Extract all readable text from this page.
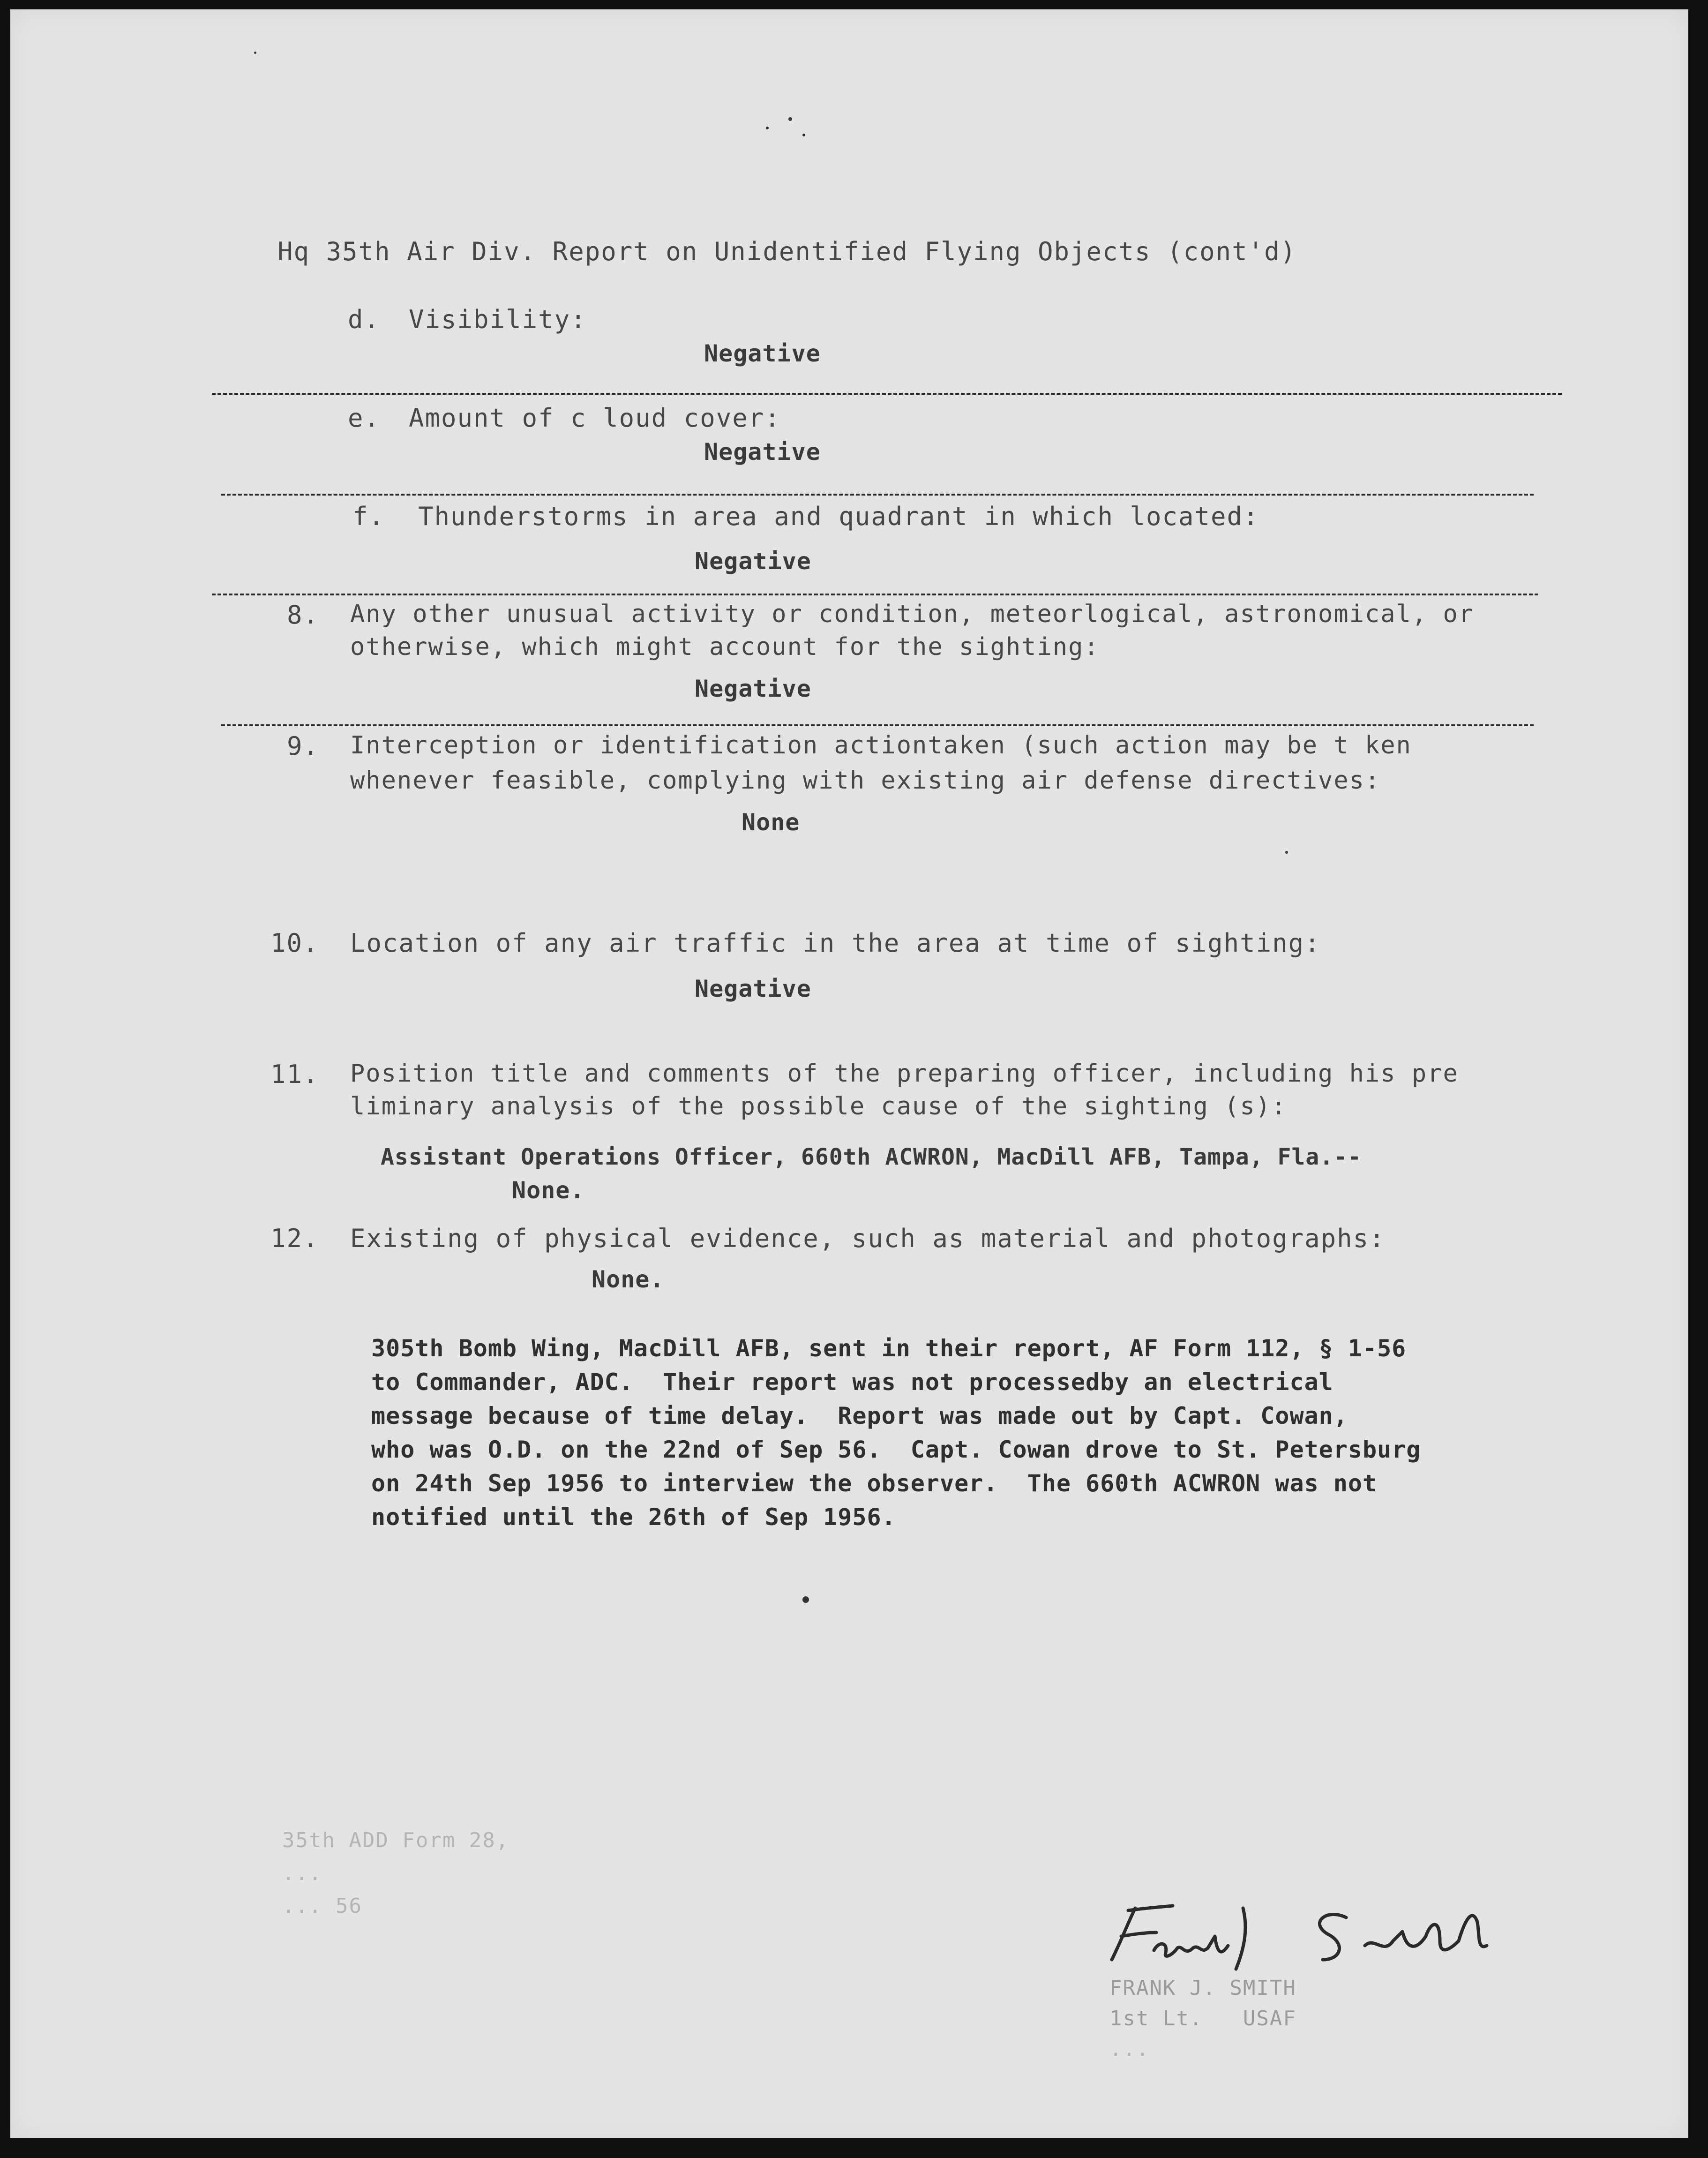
Hq 35th Air Div. Report on Unidentified Flying Objects (cont'd)
d. Visibility:
Negative
e. Amount of c loud cover:
Negative
f. Thunderstorms in area and quadrant in which located:
Negative
8. Any other unusual activity or condition, meteorlogical, astronomical, or
otherwise, which might account for the sighting:
Negative
9. Interception or identification actiontaken (such action may be t ken
whenever feasible, complying with existing air defense directives:
None
10. Location of any air traffic in the area at time of sighting:
Negative
11. Position title and comments of the preparing officer, including his pre
liminary analysis of the possible cause of the sighting (s):
Assistant Operations Officer, 660th ACWRON, MacDill AFB, Tampa, Fla.--
None.
12. Existing of physical evidence, such as material and photographs:
None.
305th Bomb Wing, MacDill AFB, sent in their report, AF Form 112, § 1-56
to Commander, ADC.  Their report was not processedby an electrical
message because of time delay.  Report was made out by Capt. Cowan,
who was O.D. on the 22nd of Sep 56.  Capt. Cowan drove to St. Petersburg
on 24th Sep 1956 to interview the observer.  The 660th ACWRON was not
notified until the 26th of Sep 1956.
35th ADD Form 28,
...
... 56
FRANK J. SMITH
1st Lt.   USAF
...
